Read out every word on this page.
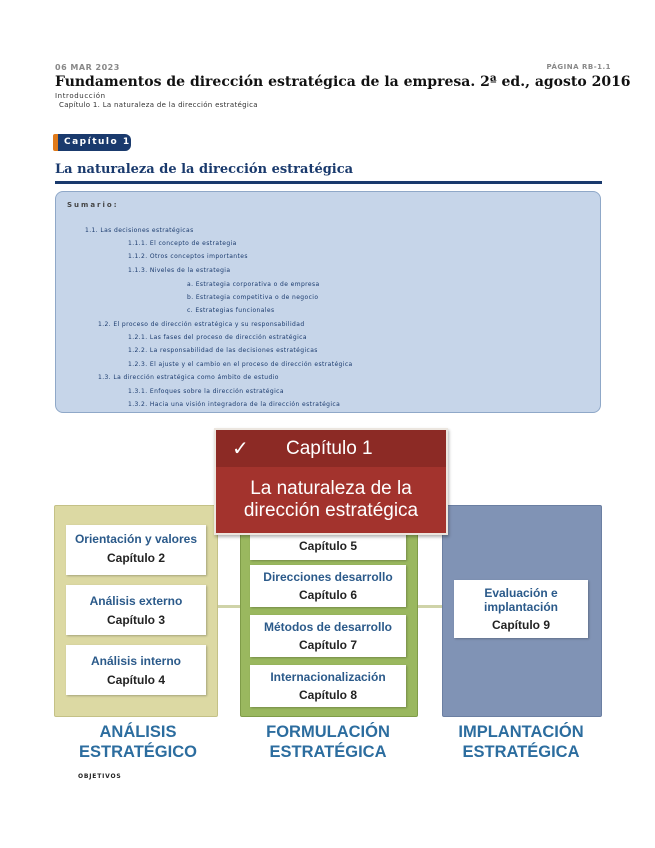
06 MAR 2023	PÁGINA RB-1.1
Fundamentos de dirección estratégica de la empresa. 2ª ed., agosto 2016
Introducción
Capítulo 1. La naturaleza de la dirección estratégica
Capítulo 1
La naturaleza de la dirección estratégica
Sumario:
1.1. Las decisiones estratégicas
1.1.1. El concepto de estrategia
1.1.2. Otros conceptos importantes
1.1.3. Niveles de la estrategia
a. Estrategia corporativa o de empresa
b. Estrategia competitiva o de negocio
c. Estrategias funcionales
1.2. El proceso de dirección estratégica y su responsabilidad
1.2.1. Las fases del proceso de dirección estratégica
1.2.2. La responsabilidad de las decisiones estratégicas
1.2.3. El ajuste y el cambio en el proceso de dirección estratégica
1.3. La dirección estratégica como ámbito de estudio
1.3.1. Enfoques sobre la dirección estratégica
1.3.2. Hacia una visión integradora de la dirección estratégica
Orientación y valores
Capítulo 2
Análisis externo
Capítulo 3
Análisis interno
Capítulo 4
Capítulo 5
Direcciones desarrollo
Capítulo 6
Métodos de desarrollo
Capítulo 7
Internacionalización
Capítulo 8
Evaluación e
implantación
Capítulo 9
✓ Capítulo 1
La naturaleza de la
dirección estratégica
ANÁLISIS
ESTRATÉGICO
FORMULACIÓN
ESTRATÉGICA
IMPLANTACIÓN
ESTRATÉGICA
OBJETIVOS
